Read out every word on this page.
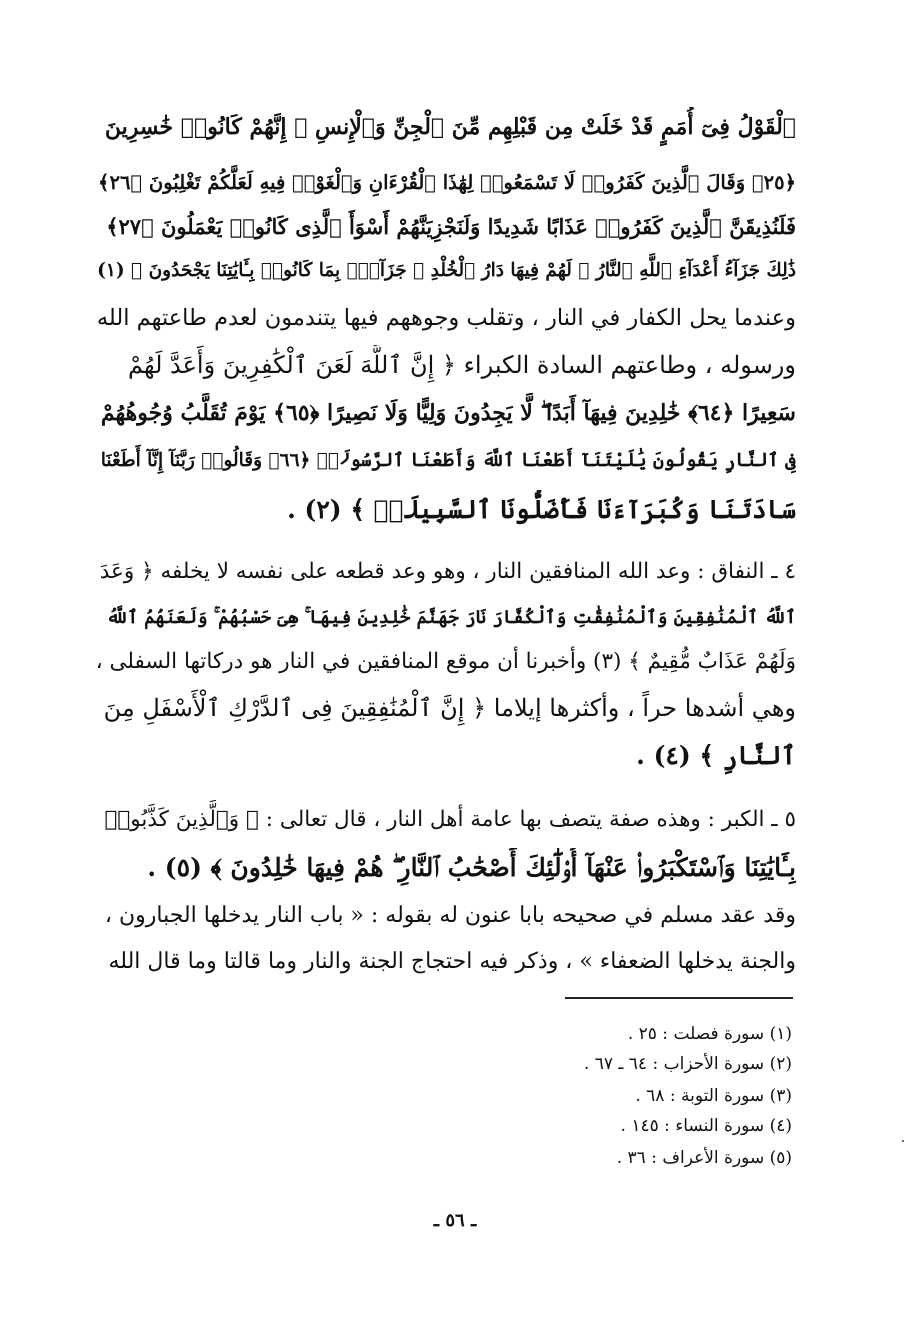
ٱلْقَوْلُ فِىٓ أُمَمٍ قَدْ خَلَتْ مِن قَبْلِهِم مِّنَ ٱلْجِنِّ وَٱلْإِنسِ ۖ إِنَّهُمْ كَانُوا۟ خَٰسِرِينَ
﴿٢٥﴾ وَقَالَ ٱلَّذِينَ كَفَرُوا۟ لَا تَسْمَعُوا۟ لِهَٰذَا ٱلْقُرْءَانِ وَٱلْغَوْا۟ فِيهِ لَعَلَّكُمْ تَغْلِبُونَ ﴿٢٦﴾
فَلَنُذِيقَنَّ ٱلَّذِينَ كَفَرُوا۟ عَذَابًا شَدِيدًا وَلَنَجْزِيَنَّهُمْ أَسْوَأَ ٱلَّذِى كَانُوا۟ يَعْمَلُونَ ﴿٢٧﴾
ذَٰلِكَ جَزَآءُ أَعْدَآءِ ٱللَّهِ ٱلنَّارُ ۖ لَهُمْ فِيهَا دَارُ ٱلْخُلْدِ ۖ جَزَآءًۢ بِمَا كَانُوا۟ بِـَٔايَٰتِنَا يَجْحَدُونَ ﴾ (١)
وعندما يحل الكفار في النار ، وتقلب وجوههم فيها يتندمون لعدم طاعتهم الله
ورسوله ، وطاعتهم السادة الكبراء ﴿ إِنَّ ٱللَّهَ لَعَنَ ٱلْكَٰفِرِينَ وَأَعَدَّ لَهُمْ
سَعِيرًا ﴿٦٤﴾ خَٰلِدِينَ فِيهَآ أَبَدًا ۖ لَّا يَجِدُونَ وَلِيًّا وَلَا نَصِيرًا ﴿٦٥﴾ يَوْمَ تُقَلَّبُ وُجُوهُهُمْ
فِى ٱلنَّارِ يَقُولُونَ يَٰلَيْتَنَآ أَطَعْنَا ٱللَّهَ وَأَطَعْنَا ٱلرَّسُولَا۠ ﴿٦٦﴾ وَقَالُوا۟ رَبَّنَآ إِنَّآ أَطَعْنَا
سَادَتَنَا وَكُبَرَآءَنَا فَأَضَلُّونَا ٱلسَّبِيلَا۠ ﴾ (٢) .
٤ ـ النفاق : وعد الله المنافقين النار ، وهو وعد قطعه على نفسه لا يخلفه ﴿ وَعَدَ
ٱللَّهُ ٱلْمُنَٰفِقِينَ وَٱلْمُنَٰفِقَٰتِ وَٱلْكُفَّارَ نَارَ جَهَنَّمَ خَٰلِدِينَ فِيهَا ۚ هِىَ حَسْبُهُمْ ۚ وَلَعَنَهُمُ ٱللَّهُ
وَلَهُمْ عَذَابٌ مُّقِيمٌ ﴾ (٣) وأخبرنا أن موقع المنافقين في النار هو دركاتها السفلى ،
وهي أشدها حراً ، وأكثرها إيلاما ﴿ إِنَّ ٱلْمُنَٰفِقِينَ فِى ٱلدَّرْكِ ٱلْأَسْفَلِ مِنَ
ٱلنَّارِ ﴾ (٤) .
٥ ـ الكبر : وهذه صفة يتصف بها عامة أهل النار ، قال تعالى : ﴿ وَٱلَّذِينَ كَذَّبُوا۟
بِـَٔايَٰتِنَا وَٱسْتَكْبَرُوا۟ عَنْهَآ أُو۟لَٰٓئِكَ أَصْحَٰبُ ٱلنَّارِ ۖ هُمْ فِيهَا خَٰلِدُونَ ﴾ (٥) .
وقد عقد مسلم في صحيحه بابا عنون له بقوله : « باب النار يدخلها الجبارون ،
والجنة يدخلها الضعفاء » ، وذكر فيه احتجاج الجنة والنار وما قالتا وما قال الله
(١) سورة فصلت : ٢٥ .
(٢) سورة الأحزاب : ٦٤ ـ ٦٧ .
(٣) سورة التوبة : ٦٨ .
(٤) سورة النساء : ١٤٥ .
(٥) سورة الأعراف : ٣٦ .
ـ ٥٦ ـ
